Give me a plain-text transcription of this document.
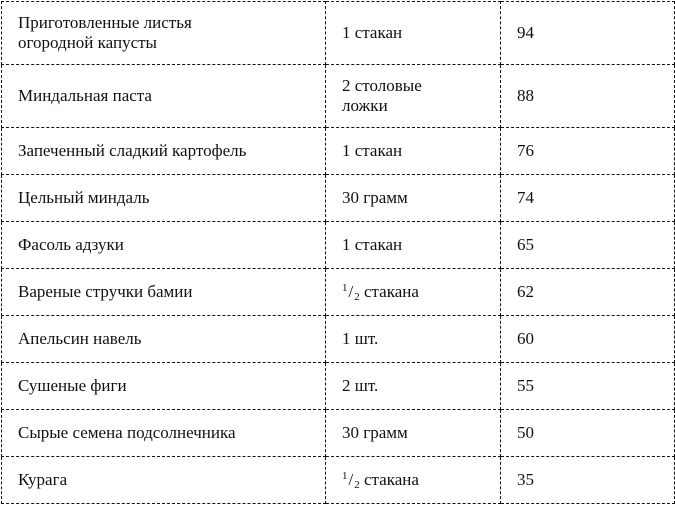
Приготовленные листья огородной капусты	1 стакан	94
Миндальная паста	2 столовые ложки	88
Запеченный сладкий картофель	1 стакан	76
Цельный миндаль	30 грамм	74
Фасоль адзуки	1 стакан	65
Вареные стручки бамии	$^1/_2$ стакана	62
Апельсин навель	1 шт.	60
Сушеные фиги	2 шт.	55
Сырые семена подсолнечника	30 грамм	50
Курага	$^1/_2$ стакана	35
